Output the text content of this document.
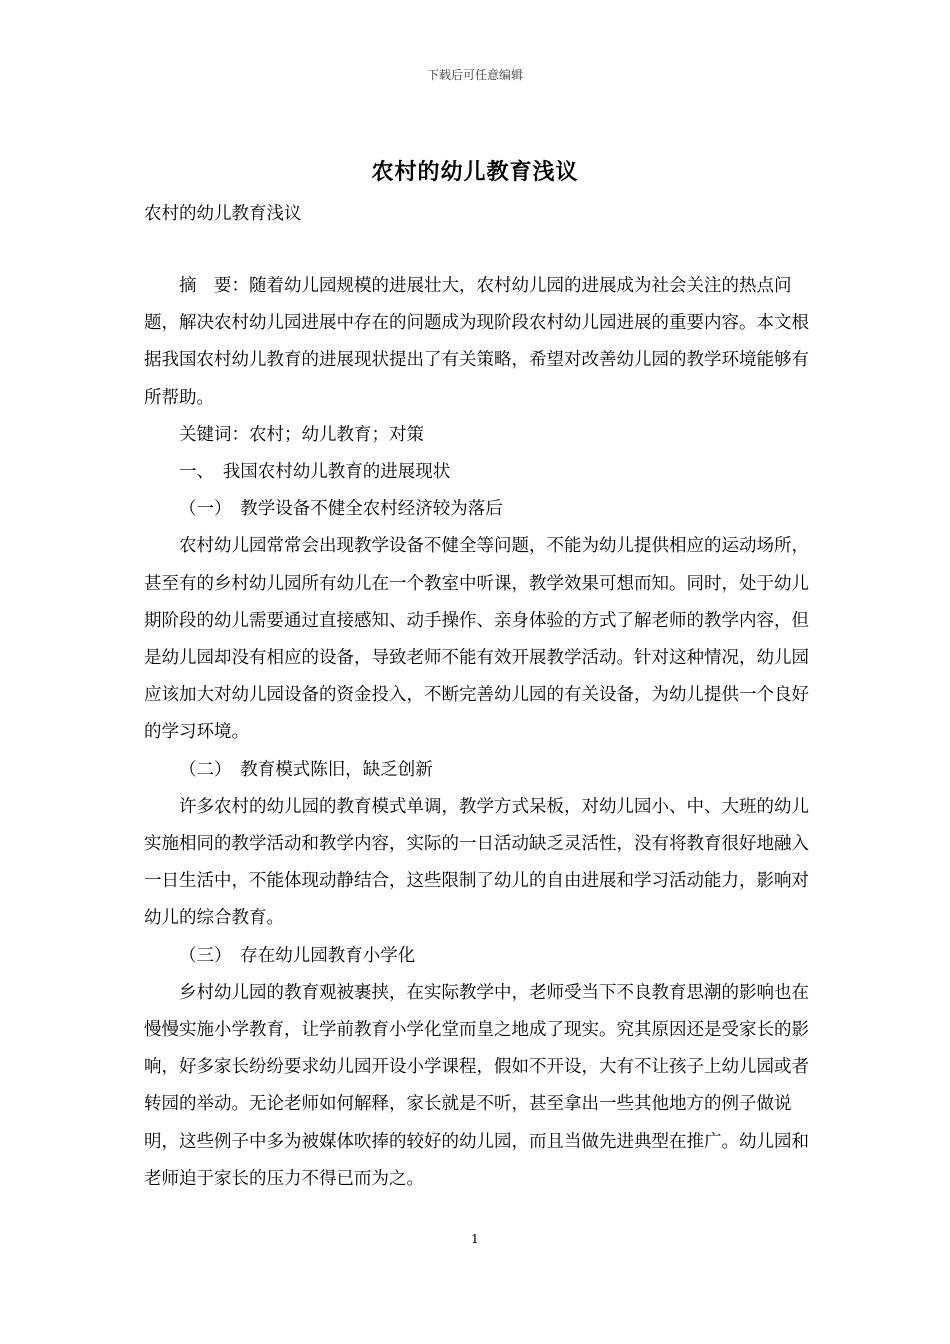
下载后可任意编辑
农村的幼儿教育浅议

农村的幼儿教育浅议

摘　要：随着幼儿园规模的进展壮大，农村幼儿园的进展成为社会关注的热点问题，解决农村幼儿园进展中存在的问题成为现阶段农村幼儿园进展的重要内容。本文根据我国农村幼儿教育的进展现状提出了有关策略，希望对改善幼儿园的教学环境能够有所帮助。

关键词：农村；幼儿教育；对策

一、　我国农村幼儿教育的进展现状

（一）　教学设备不健全农村经济较为落后

农村幼儿园常常会出现教学设备不健全等问题，不能为幼儿提供相应的运动场所，甚至有的乡村幼儿园所有幼儿在一个教室中听课，教学效果可想而知。同时，处于幼儿期阶段的幼儿需要通过直接感知、动手操作、亲身体验的方式了解老师的教学内容，但是幼儿园却没有相应的设备，导致老师不能有效开展教学活动。针对这种情况，幼儿园应该加大对幼儿园设备的资金投入，不断完善幼儿园的有关设备，为幼儿提供一个良好的学习环境。

（二）　教育模式陈旧，缺乏创新

许多农村的幼儿园的教育模式单调，教学方式呆板，对幼儿园小、中、大班的幼儿实施相同的教学活动和教学内容，实际的一日活动缺乏灵活性，没有将教育很好地融入一日生活中，不能体现动静结合，这些限制了幼儿的自由进展和学习活动能力，影响对幼儿的综合教育。

（三）　存在幼儿园教育小学化

乡村幼儿园的教育观被裹挟，在实际教学中，老师受当下不良教育思潮的影响也在慢慢实施小学教育，让学前教育小学化堂而皇之地成了现实。究其原因还是受家长的影响，好多家长纷纷要求幼儿园开设小学课程，假如不开设，大有不让孩子上幼儿园或者转园的举动。无论老师如何解释，家长就是不听，甚至拿出一些其他地方的例子做说明，这些例子中多为被媒体吹捧的较好的幼儿园，而且当做先进典型在推广。幼儿园和老师迫于家长的压力不得已而为之。

1
